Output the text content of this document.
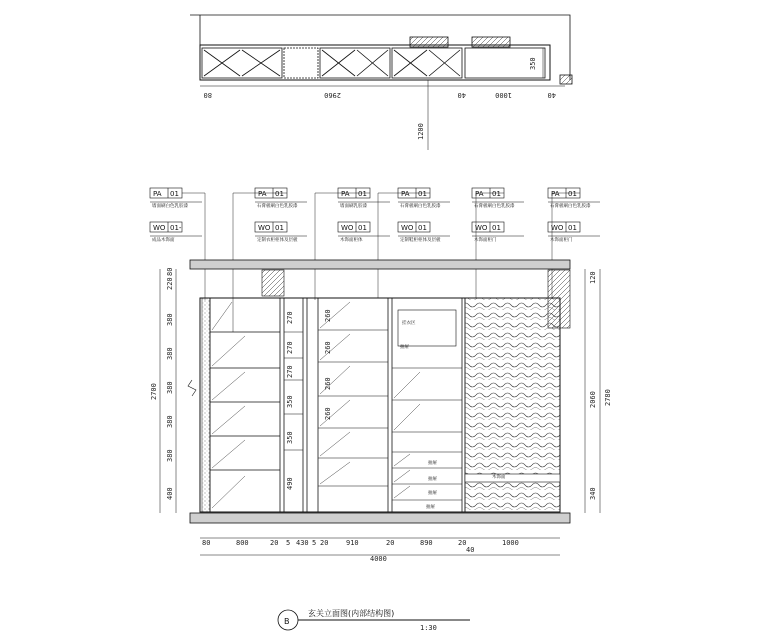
80	2960	40	1000	40
350
1200
PA 01
墙面刷白色乳胶漆
PA 01
石膏板刷白色乳胶漆
PA 01
墙面刷乳胶漆
PA 01
石膏板刷白色乳胶漆
PA 01
石膏板刷白色乳胶漆
PA 01
石膏板刷白色乳胶漆
WO 01-
成品木饰面
WO 01
定制衣柜柜体及层板
WO 01
木饰面柜体
WO 01
定制鞋柜柜体及层板
WO 01
木饰面柜门
WO 01
木饰面柜门
80
220
380
380
380
380
380
400
2700
120
2060 2780
340
270
270
270
350
350
490
260
260
260
260
80	800	20 5 430 5 20	910	20	890	20	1000
4000
40
挂衣区
抽屉
抽屉
抽屉
抽屉
抽屉
木饰面
B
玄关立面图(内部结构图)
1:30
